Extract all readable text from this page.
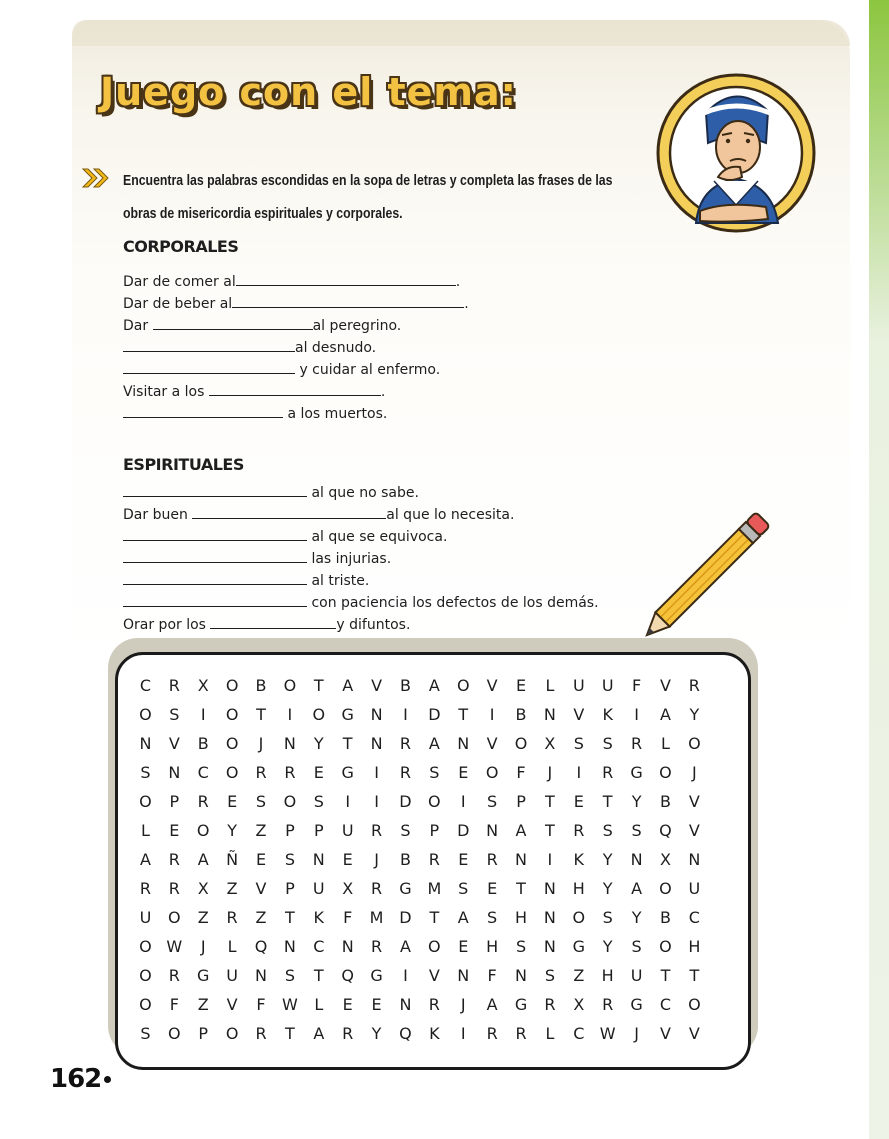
Juego con el tema:

Encuentra las palabras escondidas en la sopa de letras y completa las frases de las obras de misericordia espirituales y corporales.

CORPORALES
Dar de comer al	.
Dar de beber al	.
Dar	al peregrino.
al desnudo.
y cuidar al enfermo.
Visitar a los	.
a los muertos.
ESPIRITUALES
al que no sabe.
Dar buen	al que lo necesita.
al que se equivoca.
las injurias.
al triste.
con paciencia los defectos de los demás.
Orar por los	y difuntos.
C	R	X	O	B	O	T	A	V	B	A	O	V	E	L	U	U	F	V	R
O	S	I	O	T	I	O	G	N	I	D	T	I	B	N	V	K	I	A	Y
N	V	B	O	J	N	Y	T	N	R	A	N	V	O	X	S	S	R	L	O
S	N	C	O	R	R	E	G	I	R	S	E	O	F	J	I	R	G	O	J
O	P	R	E	S	O	S	I	I	D	O	I	S	P	T	E	T	Y	B	V
L	E	O	Y	Z	P	P	U	R	S	P	D	N	A	T	R	S	S	Q	V
A	R	A	Ñ	E	S	N	E	J	B	R	E	R	N	I	K	Y	N	X	N
R	R	X	Z	V	P	U	X	R	G M	S	E	T	N	H	Y	A	O	U
U	O	Z	R	Z	T	K	F	M D	T	A	S	H	N	O	S	Y	B	C
O W	J	L	Q	N	C	N	R	A	O	E	H	S	N	G	Y	S	O	H
O	R	G	U	N	S	T	Q	G	I	V	N	F	N	S	Z	H	U	T	T
O	F	Z	V	F	W	L	E	E	N	R	J	A	G	R	X	R	G	C	O
S	O	P	O	R	T	A	R	Y	Q	K	I	R	R	L	C W	J	V	V
162
